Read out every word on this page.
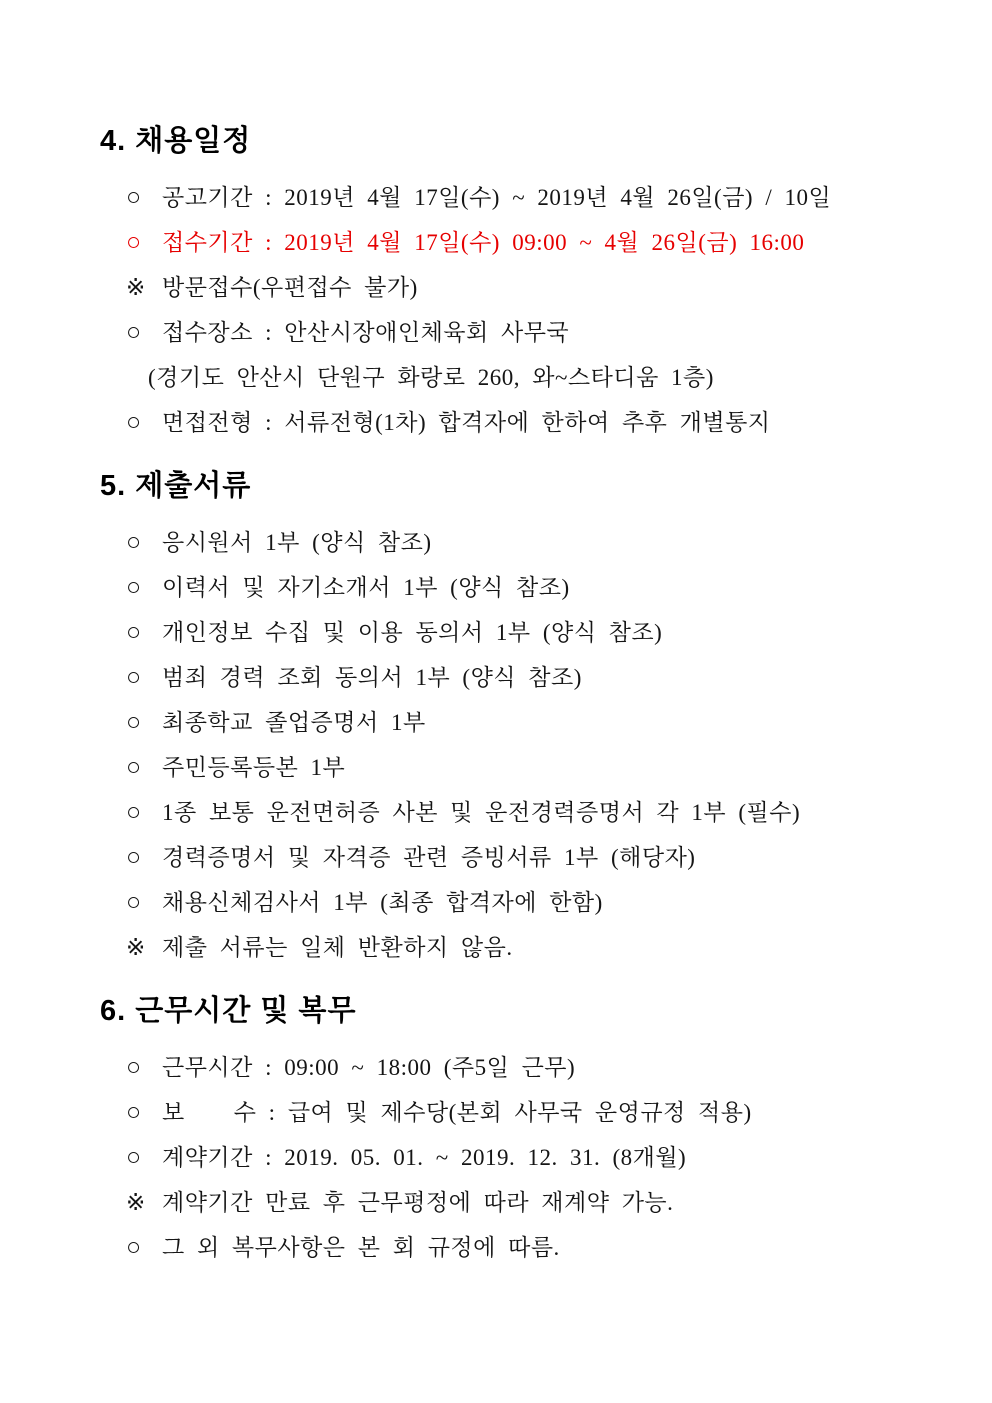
4. 채용일정
○ 공고기간 : 2019년 4월 17일(수) ~ 2019년 4월 26일(금) / 10일
○ 접수기간 : 2019년 4월 17일(수) 09:00 ~ 4월 26일(금) 16:00
※ 방문접수(우편접수 불가)
○ 접수장소 : 안산시장애인체육회 사무국
(경기도 안산시 단원구 화랑로 260, 와~스타디움 1층)
○ 면접전형 : 서류전형(1차) 합격자에 한하여 추후 개별통지
5. 제출서류
○ 응시원서 1부 (양식 참조)
○ 이력서 및 자기소개서 1부 (양식 참조)
○ 개인정보 수집 및 이용 동의서 1부 (양식 참조)
○ 범죄 경력 조회 동의서 1부 (양식 참조)
○ 최종학교 졸업증명서 1부
○ 주민등록등본 1부
○ 1종 보통 운전면허증 사본 및 운전경력증명서 각 1부 (필수)
○ 경력증명서 및 자격증 관련 증빙서류 1부 (해당자)
○ 채용신체검사서 1부 (최종 합격자에 한함)
※ 제출 서류는 일체 반환하지 않음.
6. 근무시간 및 복무
○ 근무시간 : 09:00 ~ 18:00 (주5일 근무)
○ 보    수 : 급여 및 제수당(본회 사무국 운영규정 적용)
○ 계약기간 : 2019. 05. 01. ~ 2019. 12. 31. (8개월)
※ 계약기간 만료 후 근무평정에 따라 재계약 가능.
○ 그 외 복무사항은 본 회 규정에 따름.
